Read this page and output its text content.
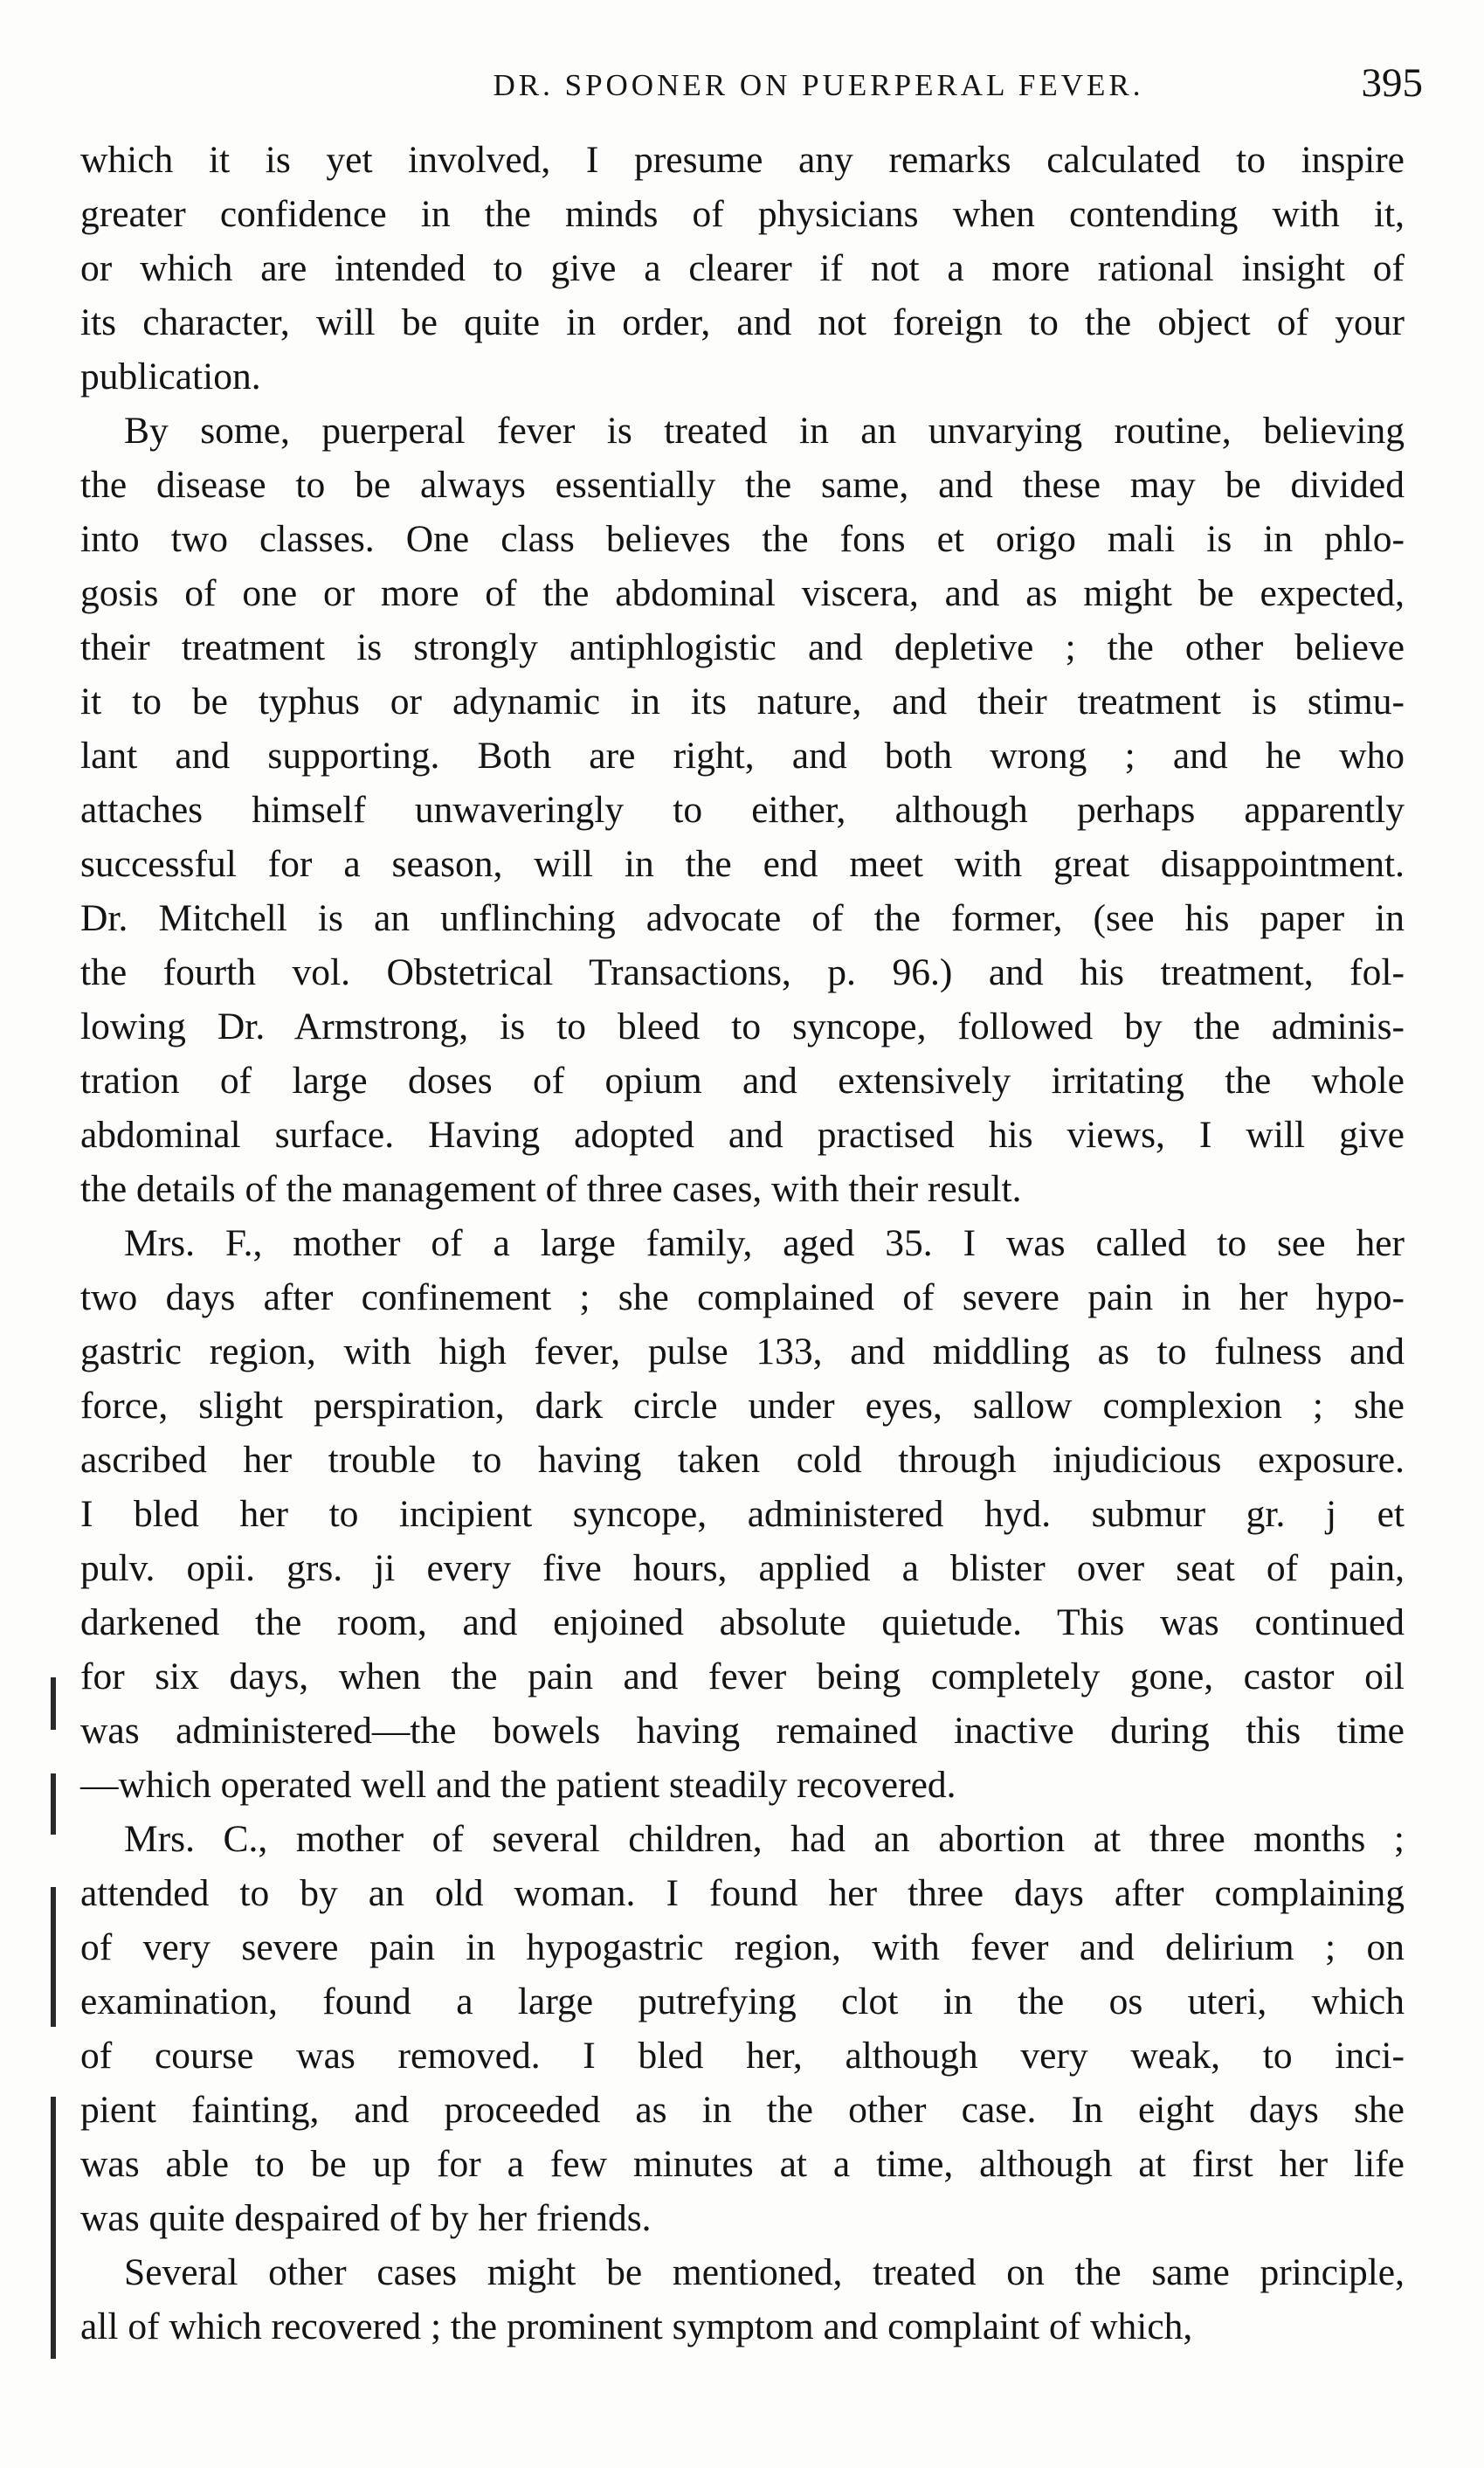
DR. SPOONER ON PUERPERAL FEVER.	395
which it is yet involved, I presume any remarks calculated to inspire
greater confidence in the minds of physicians when contending with it,
or which are intended to give a clearer if not a more rational insight of
its character, will be quite in order, and not foreign to the object of your
publication.
By some, puerperal fever is treated in an unvarying routine, believing
the disease to be always essentially the same, and these may be divided
into two classes. One class believes the fons et origo mali is in phlo-
gosis of one or more of the abdominal viscera, and as might be expected,
their treatment is strongly antiphlogistic and depletive ; the other believe
it to be typhus or adynamic in its nature, and their treatment is stimu-
lant and supporting. Both are right, and both wrong ; and he who
attaches himself unwaveringly to either, although perhaps apparently
successful for a season, will in the end meet with great disappointment.
Dr. Mitchell is an unflinching advocate of the former, (see his paper in
the fourth vol. Obstetrical Transactions, p. 96.) and his treatment, fol-
lowing Dr. Armstrong, is to bleed to syncope, followed by the adminis-
tration of large doses of opium and extensively irritating the whole
abdominal surface. Having adopted and practised his views, I will give
the details of the management of three cases, with their result.
Mrs. F., mother of a large family, aged 35. I was called to see her
two days after confinement ; she complained of severe pain in her hypo-
gastric region, with high fever, pulse 133, and middling as to fulness and
force, slight perspiration, dark circle under eyes, sallow complexion ; she
ascribed her trouble to having taken cold through injudicious exposure.
I bled her to incipient syncope, administered hyd. submur gr. j et
pulv. opii. grs. ji every five hours, applied a blister over seat of pain,
darkened the room, and enjoined absolute quietude. This was continued
for six days, when the pain and fever being completely gone, castor oil
was administered—the bowels having remained inactive during this time
—which operated well and the patient steadily recovered.
Mrs. C., mother of several children, had an abortion at three months ;
attended to by an old woman. I found her three days after complaining
of very severe pain in hypogastric region, with fever and delirium ; on
examination, found a large putrefying clot in the os uteri, which
of course was removed. I bled her, although very weak, to inci-
pient fainting, and proceeded as in the other case. In eight days she
was able to be up for a few minutes at a time, although at first her life
was quite despaired of by her friends.
Several other cases might be mentioned, treated on the same principle,
all of which recovered ; the prominent symptom and complaint of which,
